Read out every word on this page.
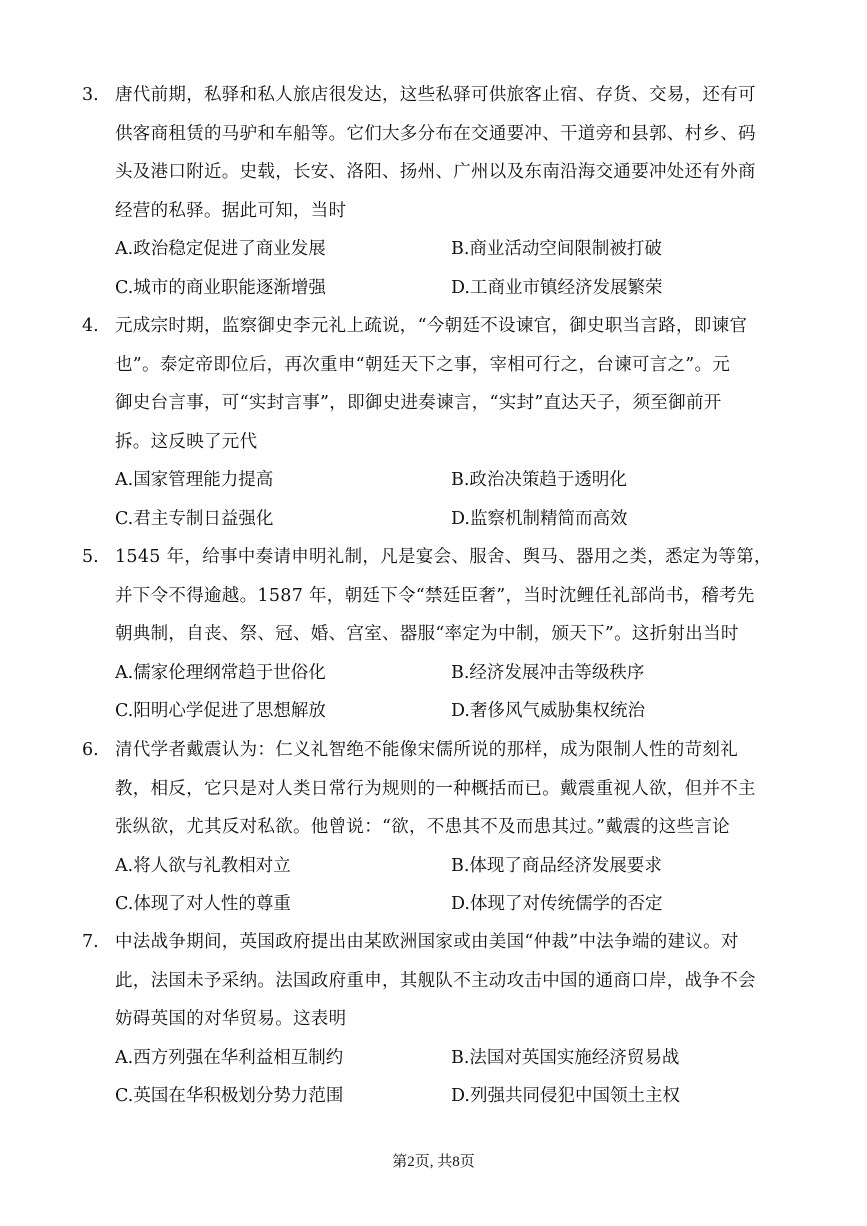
3. 唐代前期，私驿和私人旅店很发达，这些私驿可供旅客止宿、存货、交易，还有可
供客商租赁的马驴和车船等。它们大多分布在交通要冲、干道旁和县郭、村乡、码
头及港口附近。史载，长安、洛阳、扬州、广州以及东南沿海交通要冲处还有外商
经营的私驿。据此可知，当时
A.政治稳定促进了商业发展	B.商业活动空间限制被打破
C.城市的商业职能逐渐增强	D.工商业市镇经济发展繁荣
4. 元成宗时期，监察御史李元礼上疏说，“今朝廷不设谏官，御史职当言路，即谏官
也”。泰定帝即位后，再次重申“朝廷天下之事，宰相可行之，台谏可言之”。元
御史台言事，可“实封言事”，即御史进奏谏言，“实封”直达天子，须至御前开
拆。这反映了元代
A.国家管理能力提高	B.政治决策趋于透明化
C.君主专制日益强化	D.监察机制精简而高效
5. 1545 年，给事中奏请申明礼制，凡是宴会、服舍、舆马、器用之类，悉定为等第，
并下令不得逾越。1587 年，朝廷下令“禁廷臣奢”，当时沈鲤任礼部尚书，稽考先
朝典制，自丧、祭、冠、婚、宫室、器服“率定为中制，颁天下”。这折射出当时
A.儒家伦理纲常趋于世俗化	B.经济发展冲击等级秩序
C.阳明心学促进了思想解放	D.奢侈风气威胁集权统治
6. 清代学者戴震认为：仁义礼智绝不能像宋儒所说的那样，成为限制人性的苛刻礼
教，相反，它只是对人类日常行为规则的一种概括而已。戴震重视人欲，但并不主
张纵欲，尤其反对私欲。他曾说：“欲，不患其不及而患其过。”戴震的这些言论
A.将人欲与礼教相对立	B.体现了商品经济发展要求
C.体现了对人性的尊重	D.体现了对传统儒学的否定
7. 中法战争期间，英国政府提出由某欧洲国家或由美国“仲裁”中法争端的建议。对
此，法国未予采纳。法国政府重申，其舰队不主动攻击中国的通商口岸，战争不会
妨碍英国的对华贸易。这表明
A.西方列强在华利益相互制约	B.法国对英国实施经济贸易战
C.英国在华积极划分势力范围	D.列强共同侵犯中国领土主权
第2页, 共8页
